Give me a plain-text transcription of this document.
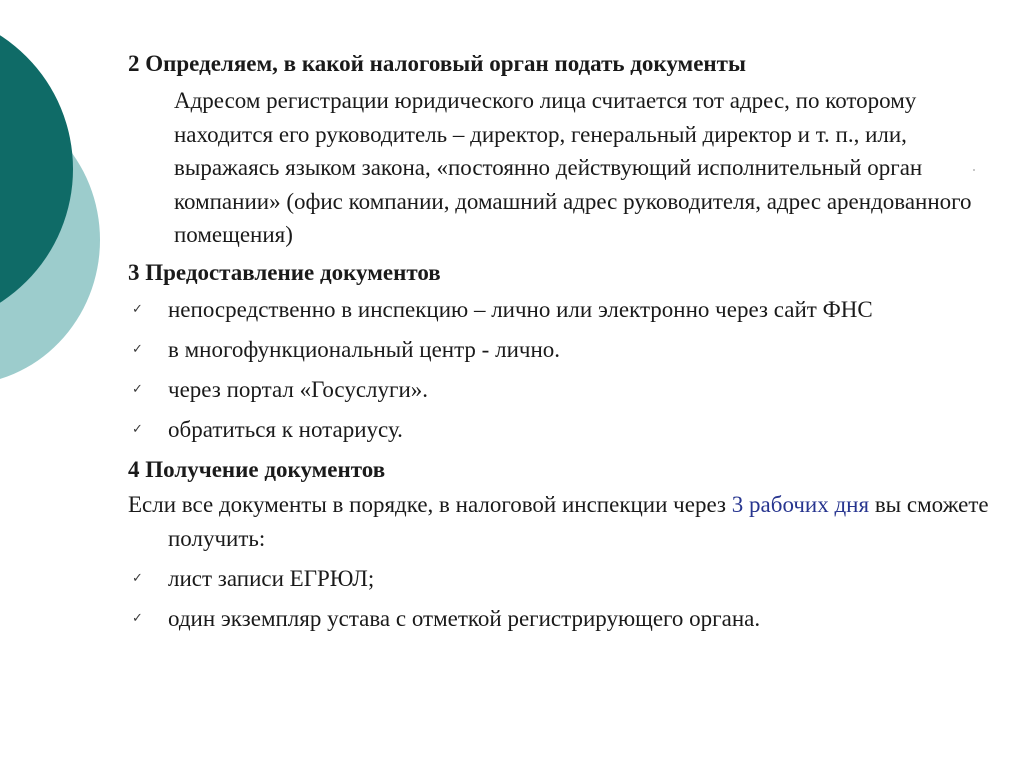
2 Определяем, в какой налоговый орган подать документы

Адресом регистрации юридического лица считается тот адрес, по которому находится его руководитель – директор, генеральный директор и т. п., или, выражаясь языком закона, «постоянно действующий исполнительный орган компании» (офис компании, домашний адрес руководителя, адрес арендованного помещения)

3 Предоставление документов

✓ непосредственно в инспекцию – лично или электронно через сайт ФНС
✓ в многофункциональный центр - лично.
✓ через портал «Госуслуги».
✓ обратиться к нотариусу.

4 Получение документов

Если все документы в порядке, в налоговой инспекции через 3 рабочих дня вы сможете получить:

✓ лист записи ЕГРЮЛ;
✓ один экземпляр устава с отметкой регистрирующего органа.
